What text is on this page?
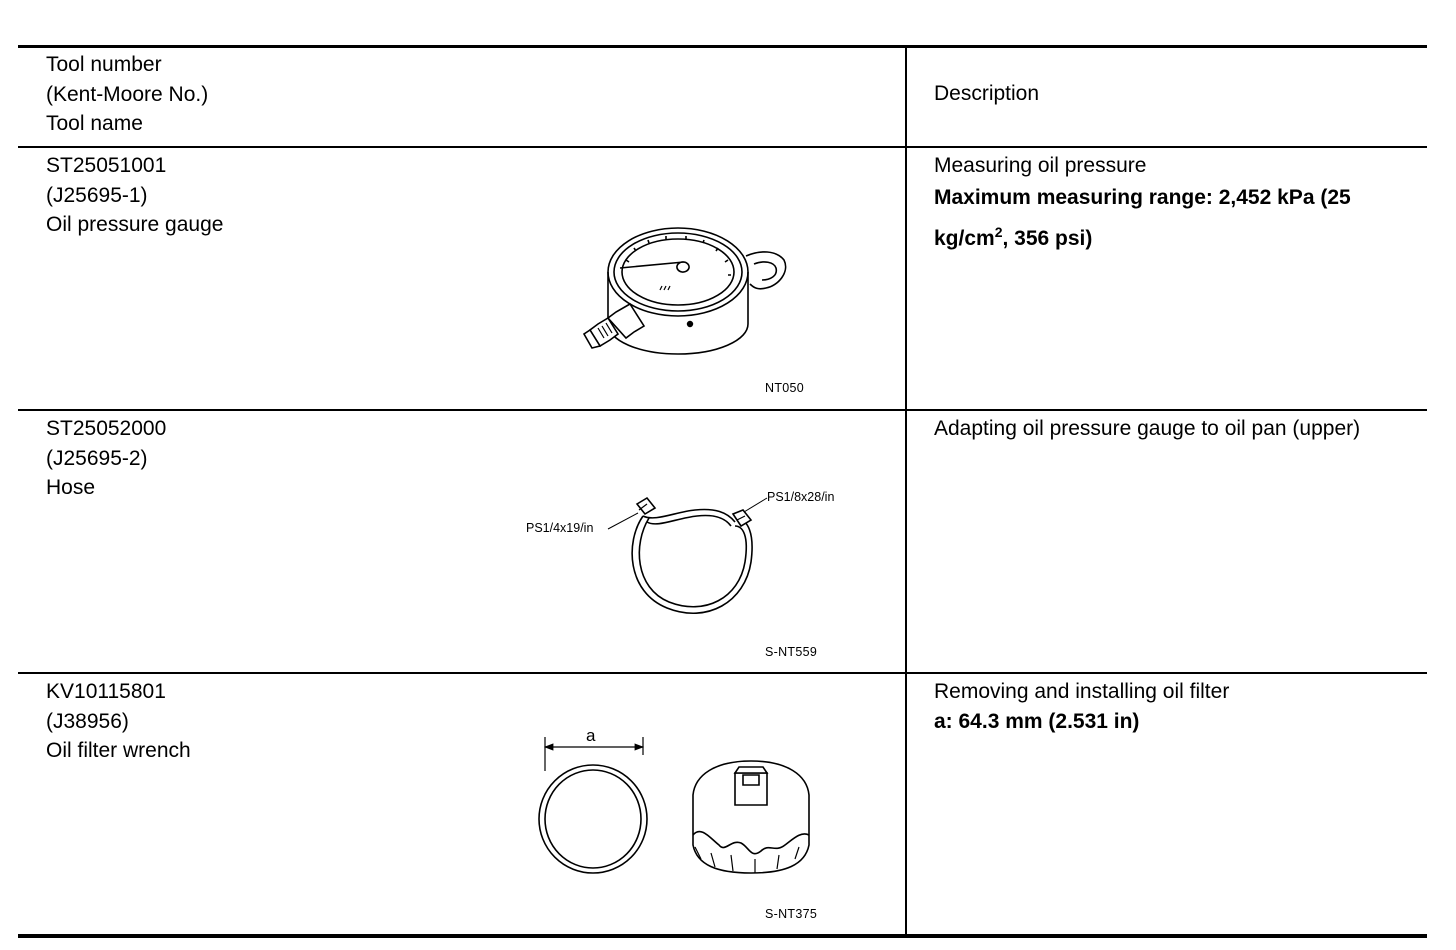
Tool number
(Kent-Moore No.)
Tool name
Description
ST25051001
(J25695-1)
Oil pressure gauge
Measuring oil pressure
Maximum measuring range: 2,452 kPa (25
$kg/cm^2$, 356 psi)
NT050
ST25052000
(J25695-2)
Hose
Adapting oil pressure gauge to oil pan (upper)
PS1/4x19/in
PS1/8x28/in
S-NT559
KV10115801
(J38956)
Oil filter wrench
Removing and installing oil filter
a: 64.3 mm (2.531 in)
a
S-NT375
